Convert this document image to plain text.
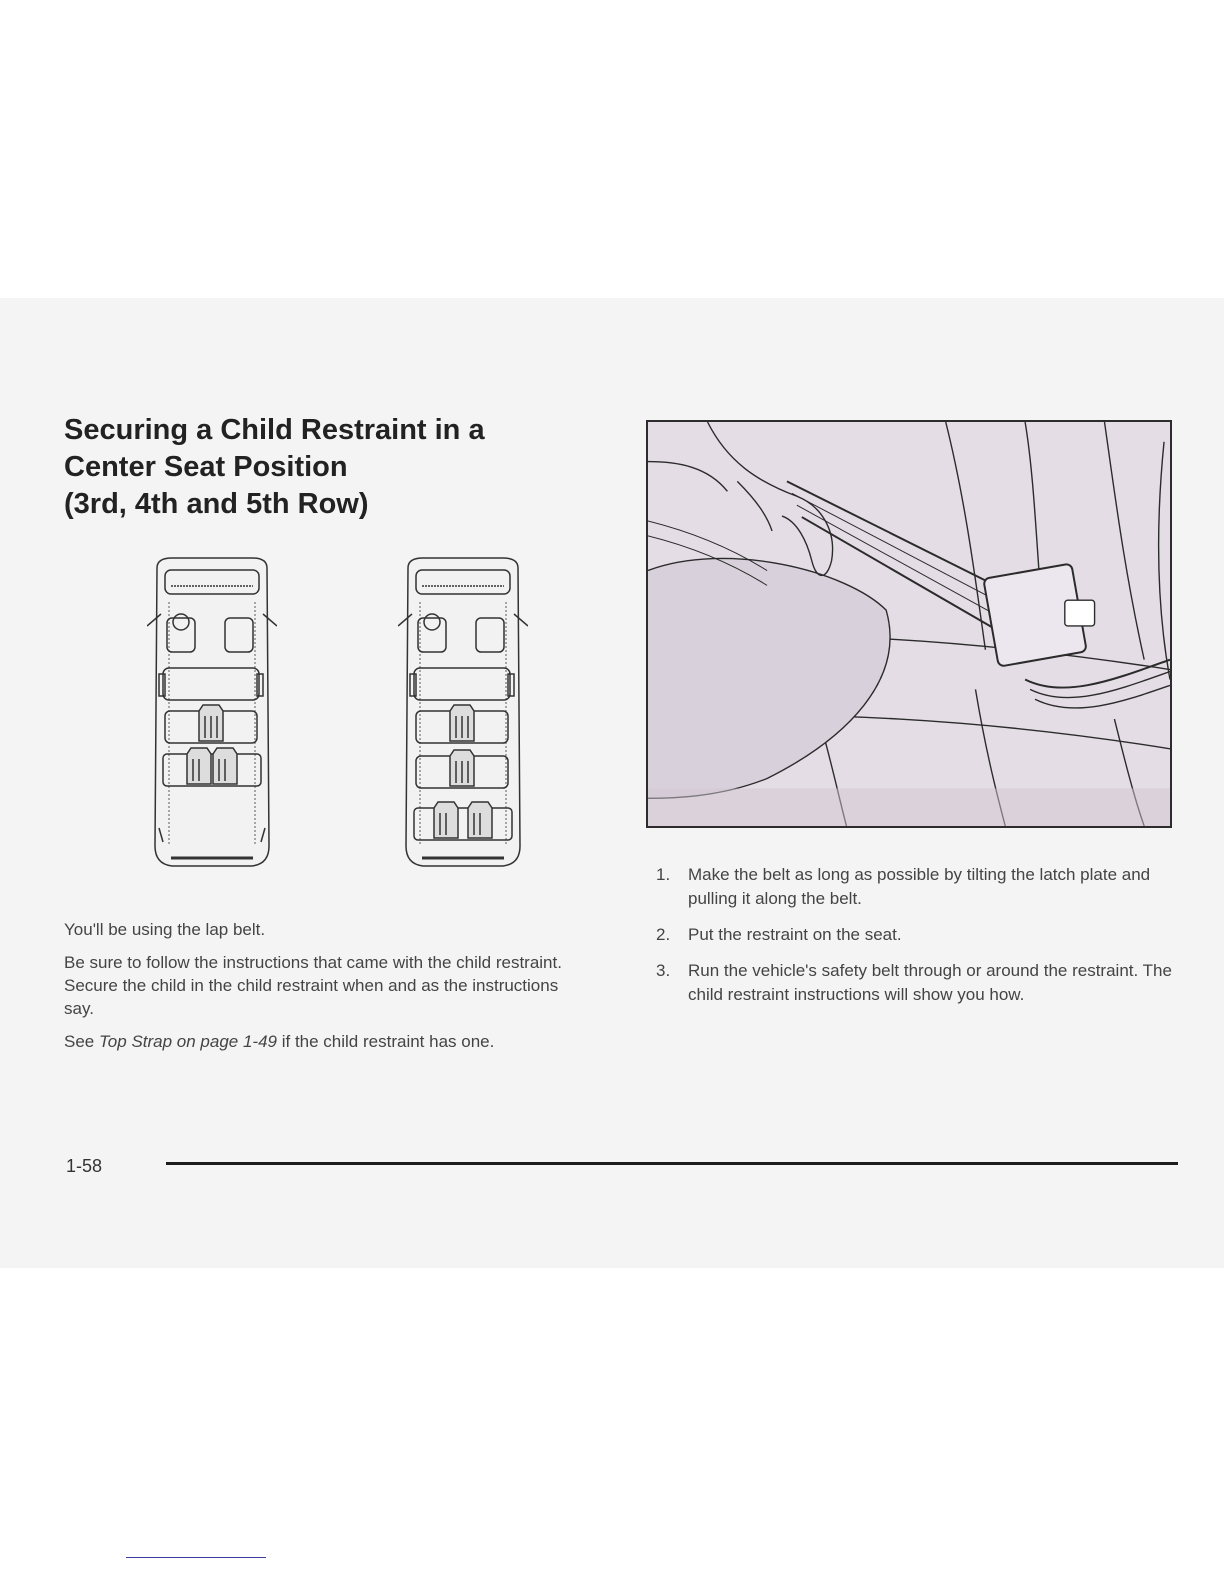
Securing a Child Restraint in a
Center Seat Position
(3rd, 4th and 5th Row)

You'll be using the lap belt.

Be sure to follow the instructions that came with the child restraint. Secure the child in the child restraint when and as the instructions say.

See Top Strap on page 1-49 if the child restraint has one.

1.	Make the belt as long as possible by tilting the latch plate and pulling it along the belt.
2.	Put the restraint on the seat.
3.	Run the vehicle's safety belt through or around the restraint. The child restraint instructions will show you how.
1-58
